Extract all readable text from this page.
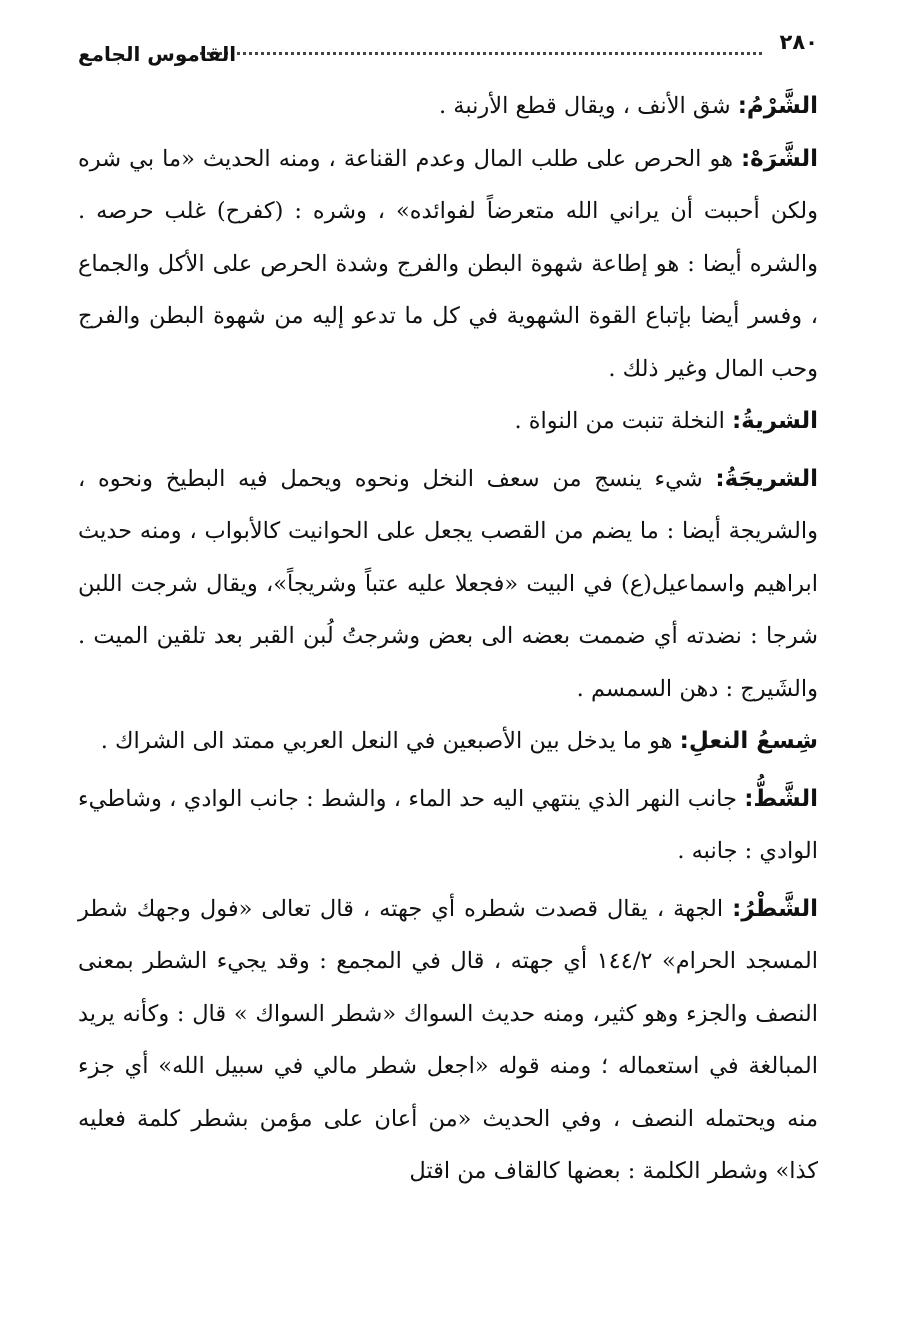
٢٨٠
القاموس الجامع

الشَّرْمُ: شق الأنف ، ويقال قطع الأرنبة .

الشَّرَهْ: هو الحرص على طلب المال وعدم القناعة ، ومنه الحديث «ما بي شره ولكن أحببت أن يراني الله متعرضاً لفوائده» ، وشره : (كفرح) غلب حرصه . والشره أيضا : هو إطاعة شهوة البطن والفرج وشدة الحرص على الأكل والجماع ، وفسر أيضا بإتباع القوة الشهوية في كل ما تدعو إليه من شهوة البطن والفرج وحب المال وغير ذلك .

الشريةُ: النخلة تنبت من النواة .

الشريجَةُ: شيء ينسج من سعف النخل ونحوه ويحمل فيه البطيخ ونحوه ، والشريجة أيضا : ما يضم من القصب يجعل على الحوانيت كالأبواب ، ومنه حديث ابراهيم واسماعيل(ع) في البيت «فجعلا عليه عتباً وشريجاً»، ويقال شرجت اللبن شرجا : نضدته أي ضممت بعضه الى بعض وشرجتُ لُبن القبر بعد تلقين الميت . والشَيرج : دهن السمسم .

شِسعُ النعلِ: هو ما يدخل بين الأصبعين في النعل العربي ممتد الى الشراك .

الشَّطُّ: جانب النهر الذي ينتهي اليه حد الماء ، والشط : جانب الوادي ، وشاطيء الوادي : جانبه .

الشَّطْرُ: الجهة ، يقال قصدت شطره أي جهته ، قال تعالى «فول وجهك شطر المسجد الحرام» ١٤٤/٢ أي جهته ، قال في المجمع : وقد يجيء الشطر بمعنى النصف والجزء وهو كثير، ومنه حديث السواك «شطر السواك » قال : وكأنه يريد المبالغة في استعماله ؛ ومنه قوله «اجعل شطر مالي في سبيل الله» أي جزء منه ويحتمله النصف ، وفي الحديث «من أعان على مؤمن بشطر كلمة فعليه كذا» وشطر الكلمة : بعضها كالقاف من اقتل
